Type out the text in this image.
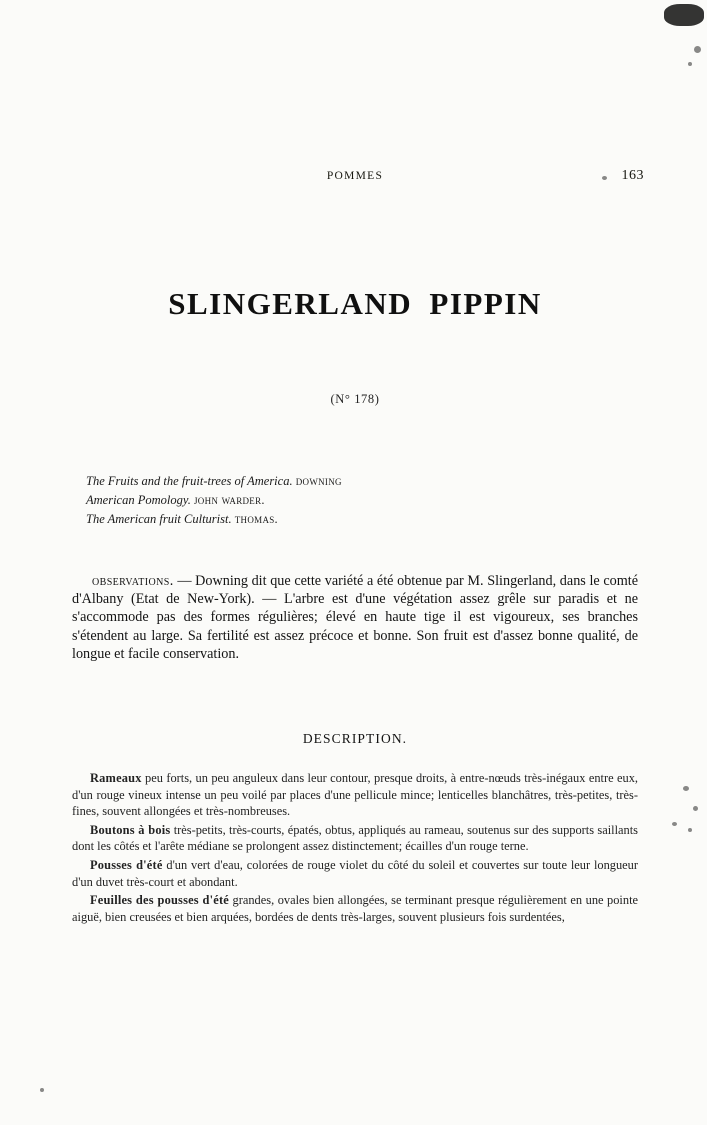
POMMES	163
SLINGERLAND PIPPIN
(N° 178)
The Fruits and the fruit-trees of America. downing
American Pomology. john warder.
The American fruit Culturist. thomas.
observations. — Downing dit que cette variété a été obtenue par M. Slingerland, dans le comté d'Albany (Etat de New-York). — L'arbre est d'une végétation assez grêle sur paradis et ne s'accommode pas des formes régulières; élevé en haute tige il est vigoureux, ses branches s'étendent au large. Sa fertilité est assez précoce et bonne. Son fruit est d'assez bonne qualité, de longue et facile conservation.
DESCRIPTION.

Rameaux peu forts, un peu anguleux dans leur contour, presque droits, à entre-nœuds très-inégaux entre eux, d'un rouge vineux intense un peu voilé par places d'une pellicule mince; lenticelles blanchâtres, très-petites, très-fines, souvent allongées et très-nombreuses.

Boutons à bois très-petits, très-courts, épatés, obtus, appliqués au rameau, soutenus sur des supports saillants dont les côtés et l'arête médiane se prolongent assez distinctement; écailles d'un rouge terne.

Pousses d'été d'un vert d'eau, colorées de rouge violet du côté du soleil et couvertes sur toute leur longueur d'un duvet très-court et abondant.

Feuilles des pousses d'été grandes, ovales bien allongées, se terminant presque régulièrement en une pointe aiguë, bien creusées et bien arquées, bordées de dents très-larges, souvent plusieurs fois surdentées,
